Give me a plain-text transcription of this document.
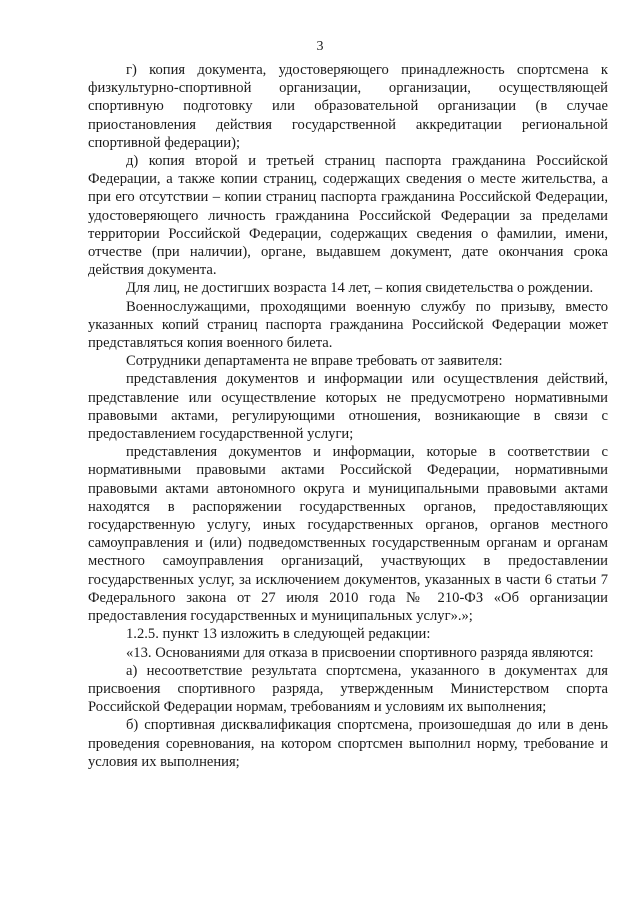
3

г) копия документа, удостоверяющего принадлежность спортсмена к физкультурно-спортивной организации, организации, осуществляющей спортивную подготовку или образовательной организации (в случае приостановления действия государственной аккредитации региональной спортивной федерации);

д) копия второй и третьей страниц паспорта гражданина Российской Федерации, а также копии страниц, содержащих сведения о месте жительства, а при его отсутствии – копии страниц паспорта гражданина Российской Федерации, удостоверяющего личность гражданина Российской Федерации за пределами территории Российской Федерации, содержащих сведения о фамилии, имени, отчестве (при наличии), органе, выдавшем документ, дате окончания срока действия документа.

Для лиц, не достигших возраста 14 лет, – копия свидетельства о рождении.

Военнослужащими, проходящими военную службу по призыву, вместо указанных копий страниц паспорта гражданина Российской Федерации может представляться копия военного билета.

Сотрудники департамента не вправе требовать от заявителя:

представления документов и информации или осуществления действий, представление или осуществление которых не предусмотрено нормативными правовыми актами, регулирующими отношения, возникающие в связи с предоставлением государственной услуги;

представления документов и информации, которые в соответствии с нормативными правовыми актами Российской Федерации, нормативными правовыми актами автономного округа и муниципальными правовыми актами находятся в распоряжении государственных органов, предоставляющих государственную услугу, иных государственных органов, органов местного самоуправления и (или) подведомственных государственным органам и органам местного самоуправления организаций, участвующих в предоставлении государственных услуг, за исключением документов, указанных в части 6 статьи 7 Федерального закона от 27 июля 2010 года № 210-ФЗ «Об организации предоставления государственных и муниципальных услуг».»;

1.2.5. пункт 13 изложить в следующей редакции:

«13. Основаниями для отказа в присвоении спортивного разряда являются:

а) несоответствие результата спортсмена, указанного в документах для присвоения спортивного разряда, утвержденным Министерством спорта Российской Федерации нормам, требованиям и условиям их выполнения;

б) спортивная дисквалификация спортсмена, произошедшая до или в день проведения соревнования, на котором спортсмен выполнил норму, требование и условия их выполнения;
